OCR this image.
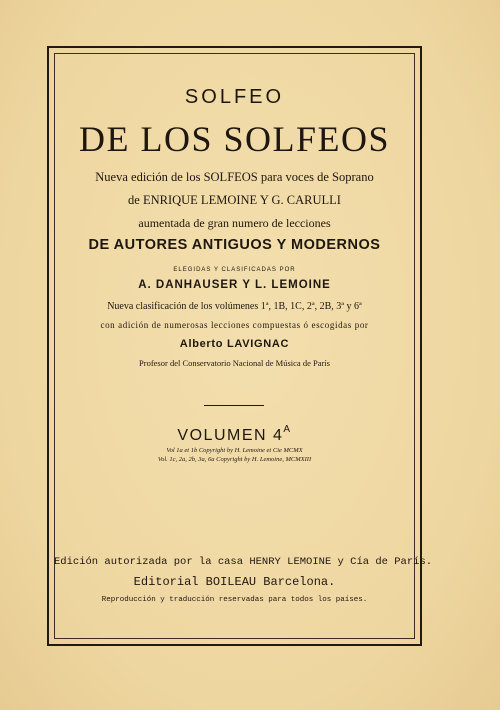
SOLFEO
DE LOS SOLFEOS
Nueva edición de los SOLFEOS para voces de Soprano
de ENRIQUE LEMOINE Y G. CARULLI
aumentada de gran numero de lecciones
DE AUTORES ANTIGUOS Y MODERNOS
ELEGIDAS Y CLASIFICADAS POR
A. DANHAUSER Y L. LEMOINE
Nueva clasificación de los volúmenes 1ª, 1B, 1C, 2ª, 2B, 3ª y 6ª
con adición de numerosas lecciones compuestas ó escogidas por
Alberto LAVIGNAC
Profesor del Conservatorio Nacional de Música de París
VOLUMEN $4^A$
Vol 1a et 1b Copyright by H. Lemoine et Cie MCMX
Vol. 1c, 2a, 2b, 3a, 6a Copyright by H. Lemoine, MCMXIII
Edición autorizada por la casa HENRY LEMOINE y Cía de París.
Editorial BOILEAU Barcelona.
Reproducción y traducción reservadas para todos los países.
